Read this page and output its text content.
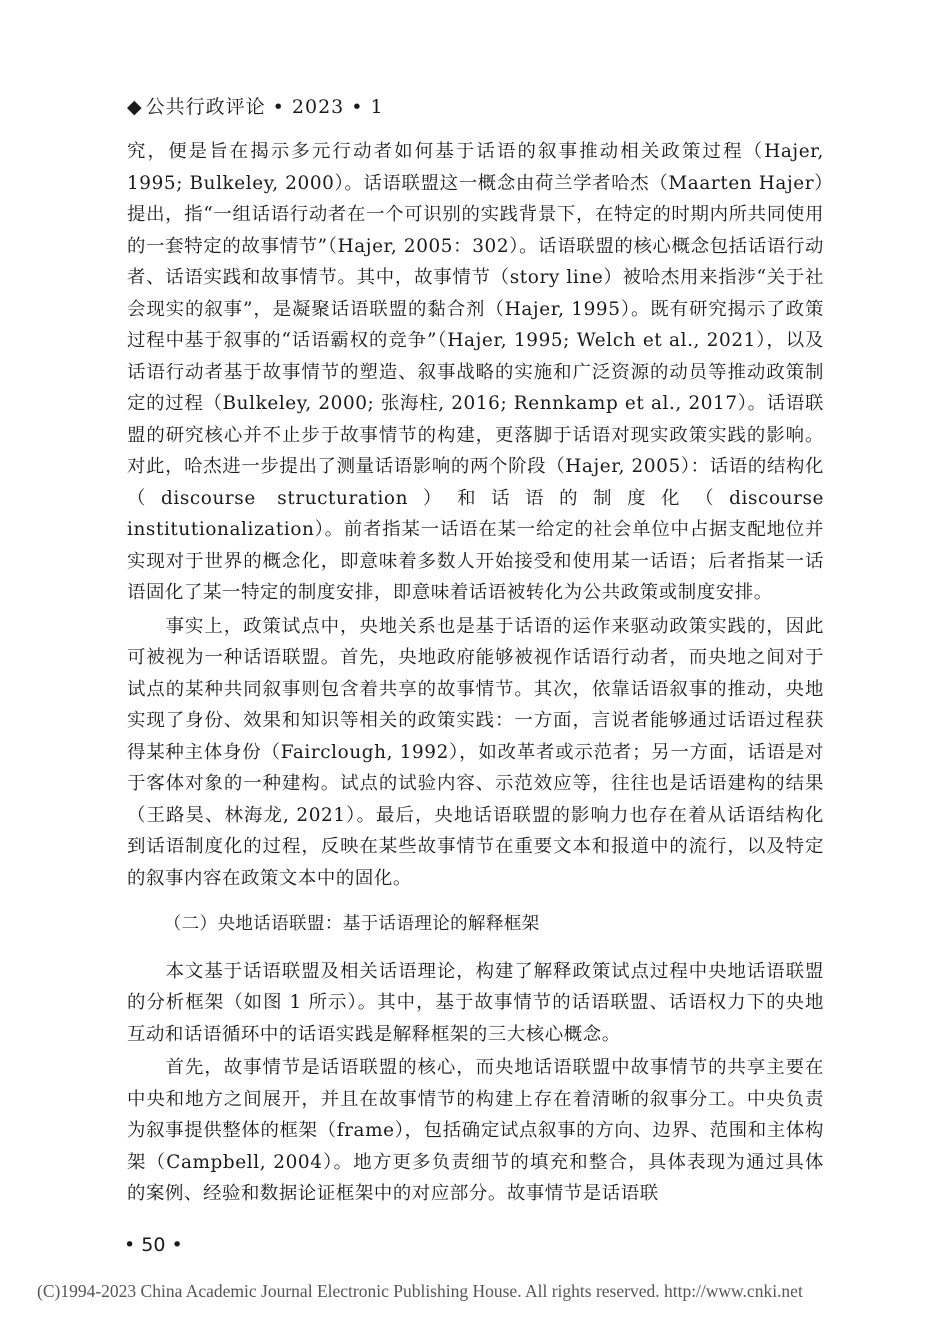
◆ 公共行政评论 • 2023 • 1

究，便是旨在揭示多元行动者如何基于话语的叙事推动相关政策过程（Hajer, 1995; Bulkeley, 2000）。话语联盟这一概念由荷兰学者哈杰（Maarten Hajer）提出，指“一组话语行动者在一个可识别的实践背景下，在特定的时期内所共同使用的一套特定的故事情节”（Hajer, 2005：302）。话语联盟的核心概念包括话语行动者、话语实践和故事情节。其中，故事情节（story line）被哈杰用来指涉“关于社会现实的叙事”，是凝聚话语联盟的黏合剂（Hajer, 1995）。既有研究揭示了政策过程中基于叙事的“话语霸权的竞争”（Hajer, 1995; Welch et al., 2021），以及话语行动者基于故事情节的塑造、叙事战略的实施和广泛资源的动员等推动政策制定的过程（Bulkeley, 2000; 张海柱, 2016; Rennkamp et al., 2017）。话语联盟的研究核心并不止步于故事情节的构建，更落脚于话语对现实政策实践的影响。对此，哈杰进一步提出了测量话语影响的两个阶段（Hajer, 2005）：话语的结构化（discourse structuration）和话语的制度化（discourse institutionalization）。前者指某一话语在某一给定的社会单位中占据支配地位并实现对于世界的概念化，即意味着多数人开始接受和使用某一话语；后者指某一话语固化了某一特定的制度安排，即意味着话语被转化为公共政策或制度安排。

事实上，政策试点中，央地关系也是基于话语的运作来驱动政策实践的，因此可被视为一种话语联盟。首先，央地政府能够被视作话语行动者，而央地之间对于试点的某种共同叙事则包含着共享的故事情节。其次，依靠话语叙事的推动，央地实现了身份、效果和知识等相关的政策实践：一方面，言说者能够通过话语过程获得某种主体身份（Fairclough, 1992），如改革者或示范者；另一方面，话语是对于客体对象的一种建构。试点的试验内容、示范效应等，往往也是话语建构的结果（王路昊、林海龙, 2021）。最后，央地话语联盟的影响力也存在着从话语结构化到话语制度化的过程，反映在某些故事情节在重要文本和报道中的流行，以及特定的叙事内容在政策文本中的固化。

（二）央地话语联盟：基于话语理论的解释框架

本文基于话语联盟及相关话语理论，构建了解释政策试点过程中央地话语联盟的分析框架（如图 1 所示）。其中，基于故事情节的话语联盟、话语权力下的央地互动和话语循环中的话语实践是解释框架的三大核心概念。

首先，故事情节是话语联盟的核心，而央地话语联盟中故事情节的共享主要在中央和地方之间展开，并且在故事情节的构建上存在着清晰的叙事分工。中央负责为叙事提供整体的框架（frame），包括确定试点叙事的方向、边界、范围和主体构架（Campbell, 2004）。地方更多负责细节的填充和整合，具体表现为通过具体的案例、经验和数据论证框架中的对应部分。故事情节是话语联

• 50 •
(C)1994-2023 China Academic Journal Electronic Publishing House. All rights reserved. http://www.cnki.net
